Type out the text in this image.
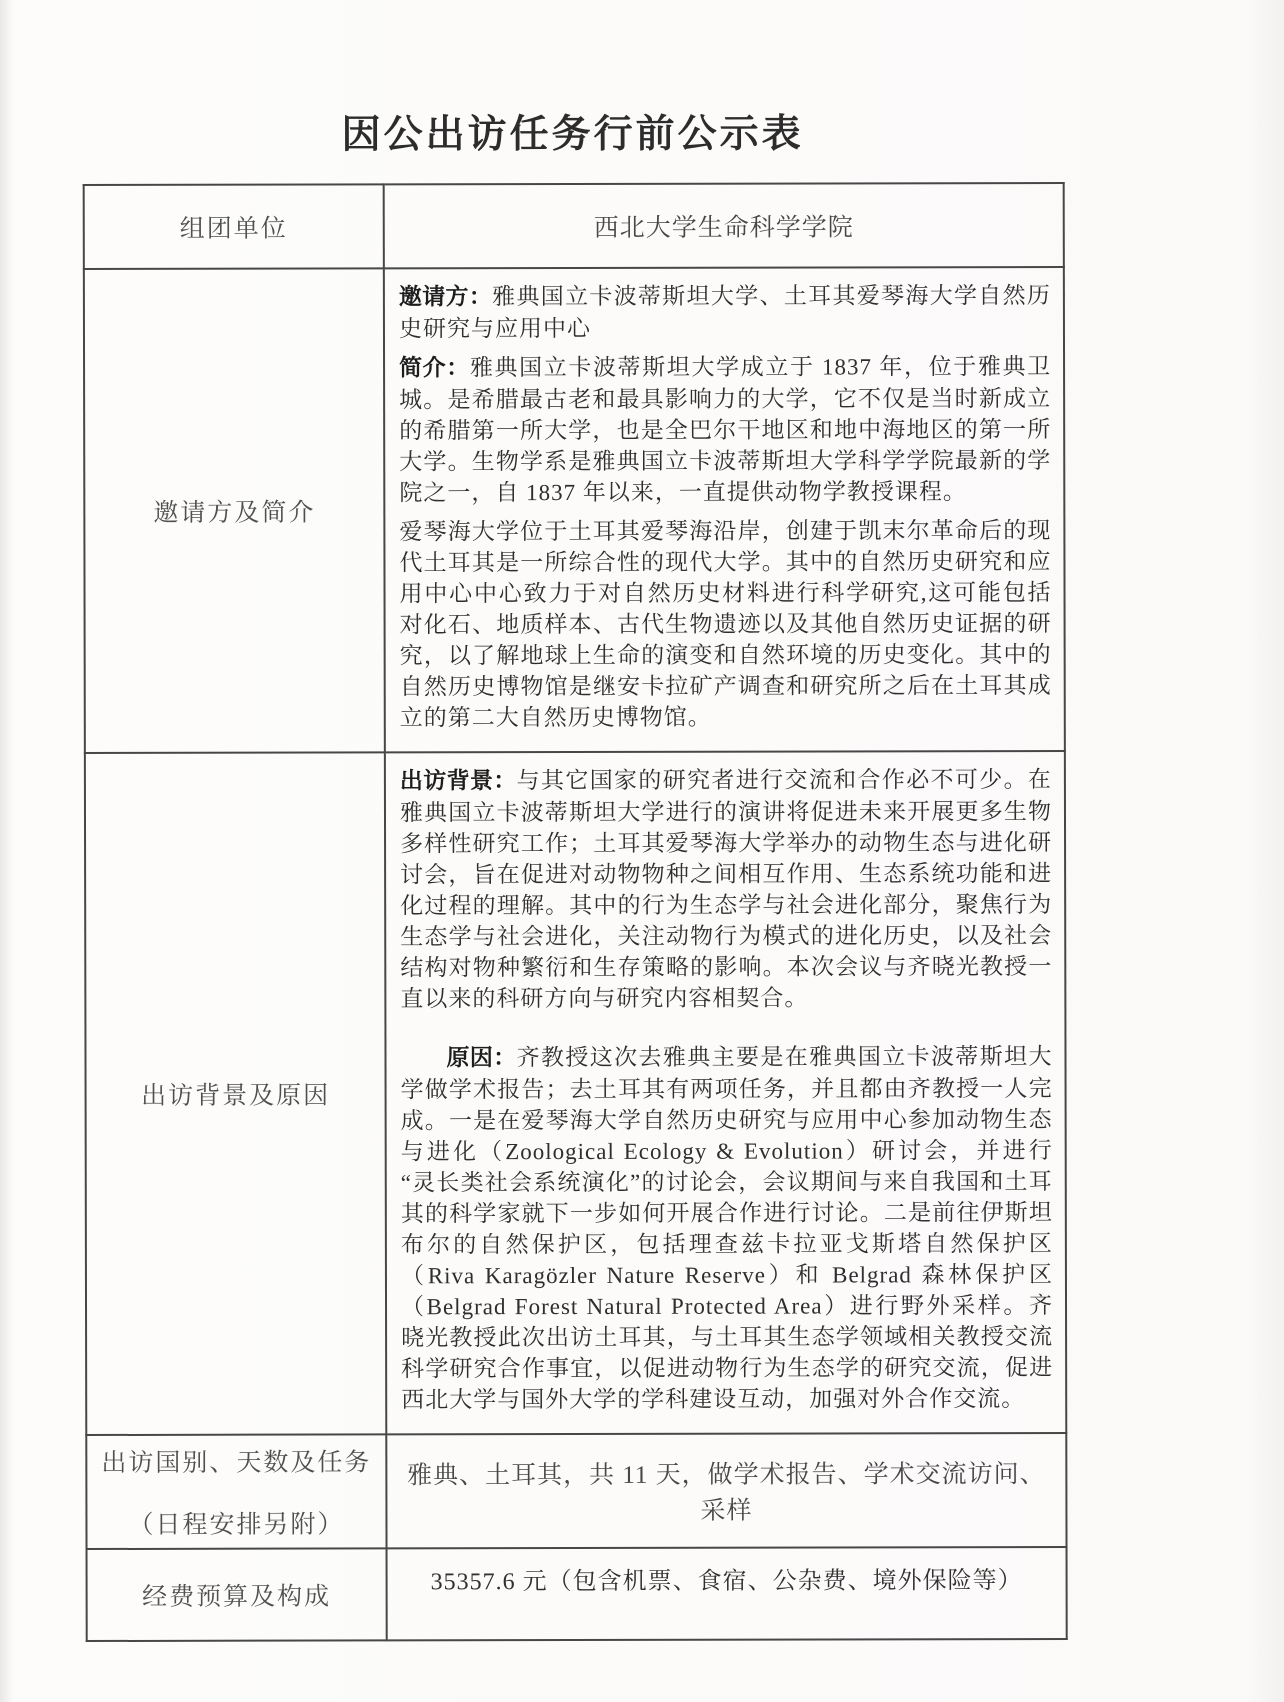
因公出访任务行前公示表
组团单位	西北大学生命科学学院
邀请方及简介	邀请方：雅典国立卡波蒂斯坦大学、土耳其爱琴海大学自然历史研究与应用中心

简介：雅典国立卡波蒂斯坦大学成立于 1837 年，位于雅典卫城。是希腊最古老和最具影响力的大学，它不仅是当时新成立的希腊第一所大学，也是全巴尔干地区和地中海地区的第一所大学。生物学系是雅典国立卡波蒂斯坦大学科学学院最新的学院之一，自 1837 年以来，一直提供动物学教授课程。

爱琴海大学位于土耳其爱琴海沿岸，创建于凯末尔革命后的现代土耳其是一所综合性的现代大学。其中的自然历史研究和应用中心中心致力于对自然历史材料进行科学研究,这可能包括对化石、地质样本、古代生物遗迹以及其他自然历史证据的研究，以了解地球上生命的演变和自然环境的历史变化。其中的自然历史博物馆是继安卡拉矿产调查和研究所之后在土耳其成立的第二大自然历史博物馆。

出访背景及原因	出访背景：与其它国家的研究者进行交流和合作必不可少。在雅典国立卡波蒂斯坦大学进行的演讲将促进未来开展更多生物多样性研究工作；土耳其爱琴海大学举办的动物生态与进化研讨会，旨在促进对动物物种之间相互作用、生态系统功能和进化过程的理解。其中的行为生态学与社会进化部分，聚焦行为生态学与社会进化，关注动物行为模式的进化历史，以及社会结构对物种繁衍和生存策略的影响。本次会议与齐晓光教授一直以来的科研方向与研究内容相契合。

原因：齐教授这次去雅典主要是在雅典国立卡波蒂斯坦大学做学术报告；去土耳其有两项任务，并且都由齐教授一人完成。一是在爱琴海大学自然历史研究与应用中心参加动物生态与进化（Zoological Ecology & Evolution）研讨会，并进行“灵长类社会系统演化”的讨论会，会议期间与来自我国和土耳其的科学家就下一步如何开展合作进行讨论。二是前往伊斯坦布尔的自然保护区，包括理查兹卡拉亚戈斯塔自然保护区（Riva Karagözler Nature Reserve）和 Belgrad 森林保护区（Belgrad Forest Natural Protected Area）进行野外采样。齐晓光教授此次出访土耳其，与土耳其生态学领域相关教授交流科学研究合作事宜，以促进动物行为生态学的研究交流，促进西北大学与国外大学的学科建设互动，加强对外合作交流。

出访国别、天数及任务
（日程安排另附）	雅典、土耳其，共 11 天，做学术报告、学术交流访问、采样
经费预算及构成	35357.6 元（包含机票、食宿、公杂费、境外保险等）
